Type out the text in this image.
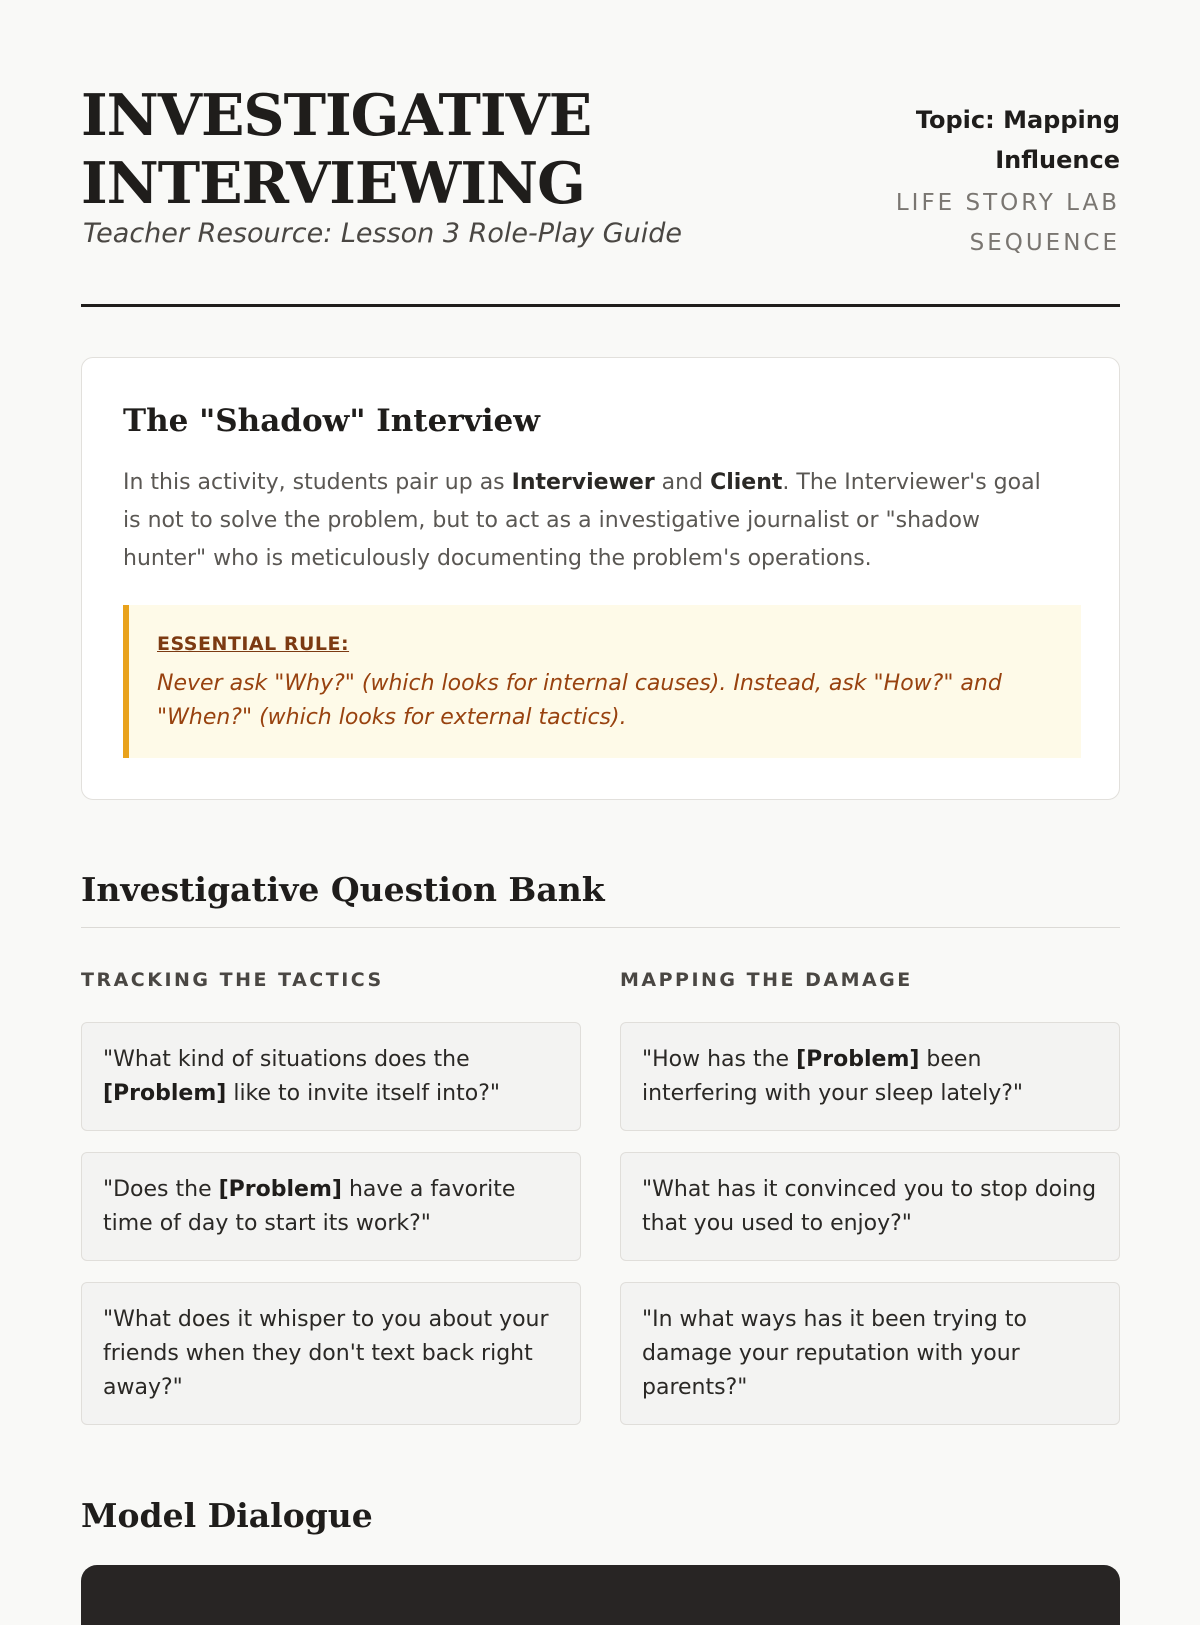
INVESTIGATIVE INTERVIEWING
Teacher Resource: Lesson 3 Role-Play Guide
Topic: Mapping Influence
LIFE STORY LAB SEQUENCE
The "Shadow" Interview

In this activity, students pair up as Interviewer and Client. The Interviewer's goal is not to solve the problem, but to act as a investigative journalist or "shadow hunter" who is meticulously documenting the problem's operations.

ESSENTIAL RULE:

Never ask "Why?" (which looks for internal causes). Instead, ask "How?" and "When?" (which looks for external tactics).

Investigative Question Bank
TRACKING THE TACTICS
"What kind of situations does the [Problem] like to invite itself into?"
"Does the [Problem] have a favorite time of day to start its work?"
"What does it whisper to you about your friends when they don't text back right away?"
MAPPING THE DAMAGE
"How has the [Problem] been interfering with your sleep lately?"
"What has it convinced you to stop doing that you used to enjoy?"
"In what ways has it been trying to damage your reputation with your parents?"
Model Dialogue
